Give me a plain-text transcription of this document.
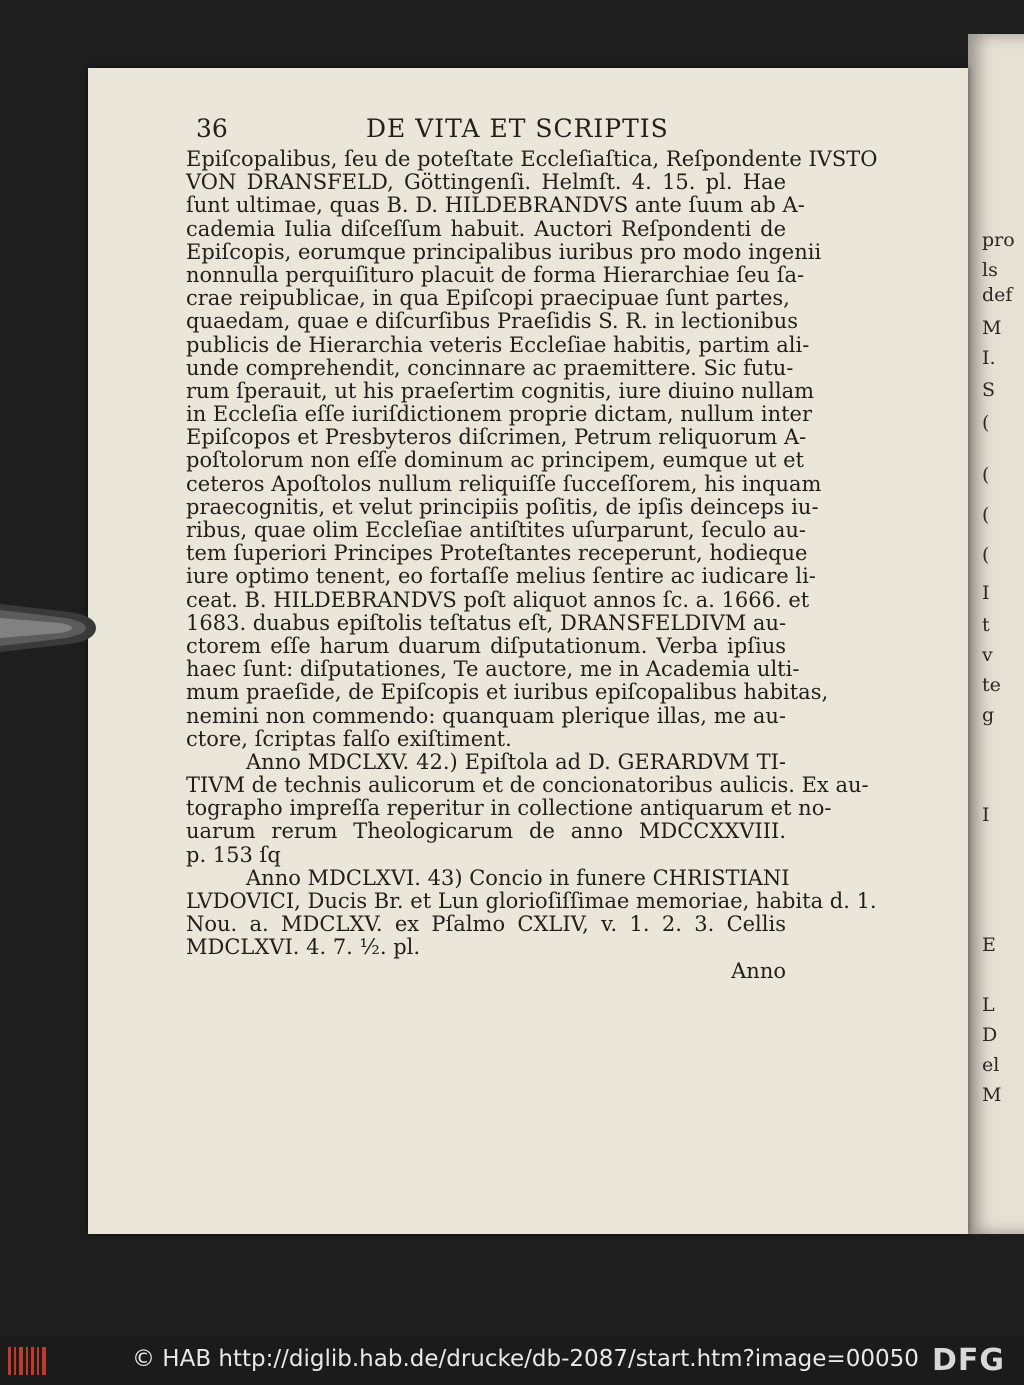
pro
ls
def
M
I.
S
(
(
(
(
I
t
v
te
g
I
E
L
D
el
M
36	DE VITA ET SCRIPTIS
Epiſcopalibus, ſeu de poteſtate Eccleſiaſtica, Reſpondente IVSTO
VON DRANSFELD, Göttingenſi. Helmſt. 4. 15. pl. Hae
ſunt ultimae, quas B. D. HILDEBRANDVS ante ſuum ab A-
cademia Iulia diſceſſum habuit. Auctori Reſpondenti de
Epiſcopis, eorumque principalibus iuribus pro modo ingenii
nonnulla perquiſituro placuit de forma Hierarchiae ſeu ſa-
crae reipublicae, in qua Epiſcopi praecipuae ſunt partes,
quaedam, quae e diſcurſibus Praeſidis S. R. in lectionibus
publicis de Hierarchia veteris Eccleſiae habitis, partim ali-
unde comprehendit, concinnare ac praemittere. Sic futu-
rum ſperauit, ut his praeſertim cognitis, iure diuino nullam
in Eccleſia eſſe iuriſdictionem proprie dictam, nullum inter
Epiſcopos et Presbyteros diſcrimen, Petrum reliquorum A-
poſtolorum non eſſe dominum ac principem, eumque ut et
ceteros Apoſtolos nullum reliquiſſe ſucceſſorem, his inquam
praecognitis, et velut principiis poſitis, de ipſis deinceps iu-
ribus, quae olim Eccleſiae antiſtites uſurparunt, ſeculo au-
tem ſuperiori Principes Proteſtantes receperunt, hodieque
iure optimo tenent, eo fortaſſe melius ſentire ac iudicare li-
ceat. B. HILDEBRANDVS poſt aliquot annos ſc. a. 1666. et
1683. duabus epiſtolis teſtatus eſt, DRANSFELDIVM au-
ctorem eſſe harum duarum diſputationum. Verba ipſius
haec ſunt: diſputationes, Te auctore, me in Academia ulti-
mum praeſide, de Epiſcopis et iuribus epiſcopalibus habitas,
nemini non commendo: quanquam plerique illas, me au-
ctore, ſcriptas falſo exiſtiment.
Anno MDCLXV. 42.) Epiſtola ad D. GERARDVM TI-
TIVM de technis aulicorum et de concionatoribus aulicis. Ex au-
tographo impreſſa reperitur in collectione antiquarum et no-
uarum rerum Theologicarum de anno MDCCXXVIII.
p. 153 ſq
Anno MDCLXVI. 43) Concio in funere CHRISTIANI
LVDOVICI, Ducis Br. et Lun glorioſiſſimae memoriae, habita d. 1.
Nou. a. MDCLXV. ex Pſalmo CXLIV, v. 1. 2. 3. Cellis
MDCLXVI. 4. 7. ½. pl.
Anno
© HAB http://diglib.hab.de/drucke/db-2087/start.htm?image=00050 DFG
